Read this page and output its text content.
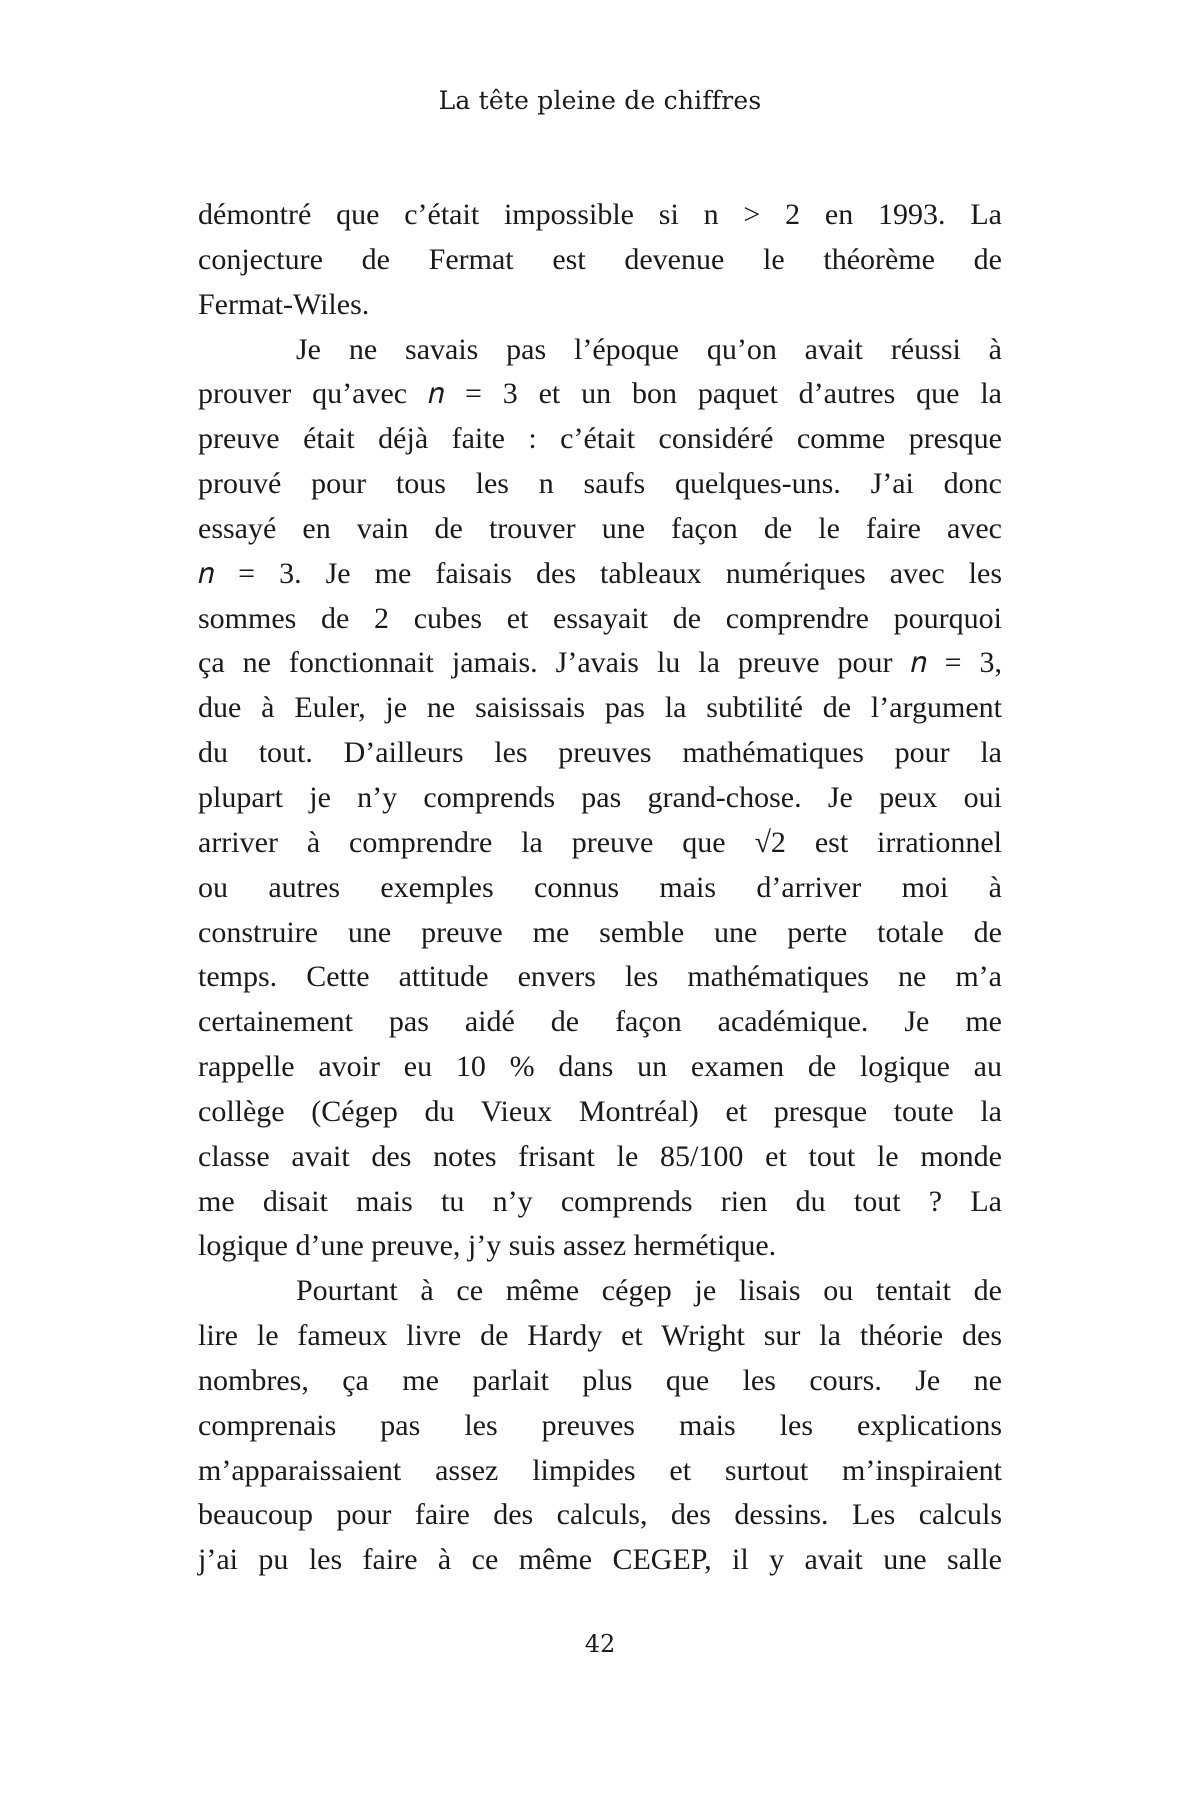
La tête pleine de chiffres

démontré que c’était impossible si n > 2 en 1993. La
conjecture de Fermat est devenue le théorème de
Fermat-Wiles.

Je ne savais pas l’époque qu’on avait réussi à
prouver qu’avec 𝑛 = 3 et un bon paquet d’autres que la
preuve était déjà faite : c’était considéré comme presque
prouvé pour tous les n saufs quelques-uns. J’ai donc
essayé en vain de trouver une façon de le faire avec
𝑛 = 3. Je me faisais des tableaux numériques avec les
sommes de 2 cubes et essayait de comprendre pourquoi
ça ne fonctionnait jamais. J’avais lu la preuve pour 𝑛 = 3,
due à Euler, je ne saisissais pas la subtilité de l’argument
du tout. D’ailleurs les preuves mathématiques pour la
plupart je n’y comprends pas grand-chose. Je peux oui
arriver à comprendre la preuve que √2 est irrationnel
ou autres exemples connus mais d’arriver moi à
construire une preuve me semble une perte totale de
temps. Cette attitude envers les mathématiques ne m’a
certainement pas aidé de façon académique. Je me
rappelle avoir eu 10 % dans un examen de logique au
collège (Cégep du Vieux Montréal) et presque toute la
classe avait des notes frisant le 85/100 et tout le monde
me disait mais tu n’y comprends rien du tout ? La
logique d’une preuve, j’y suis assez hermétique.

Pourtant à ce même cégep je lisais ou tentait de
lire le fameux livre de Hardy et Wright sur la théorie des
nombres, ça me parlait plus que les cours. Je ne
comprenais pas les preuves mais les explications
m’apparaissaient assez limpides et surtout m’inspiraient
beaucoup pour faire des calculs, des dessins. Les calculs
j’ai pu les faire à ce même CEGEP, il y avait une salle

42
